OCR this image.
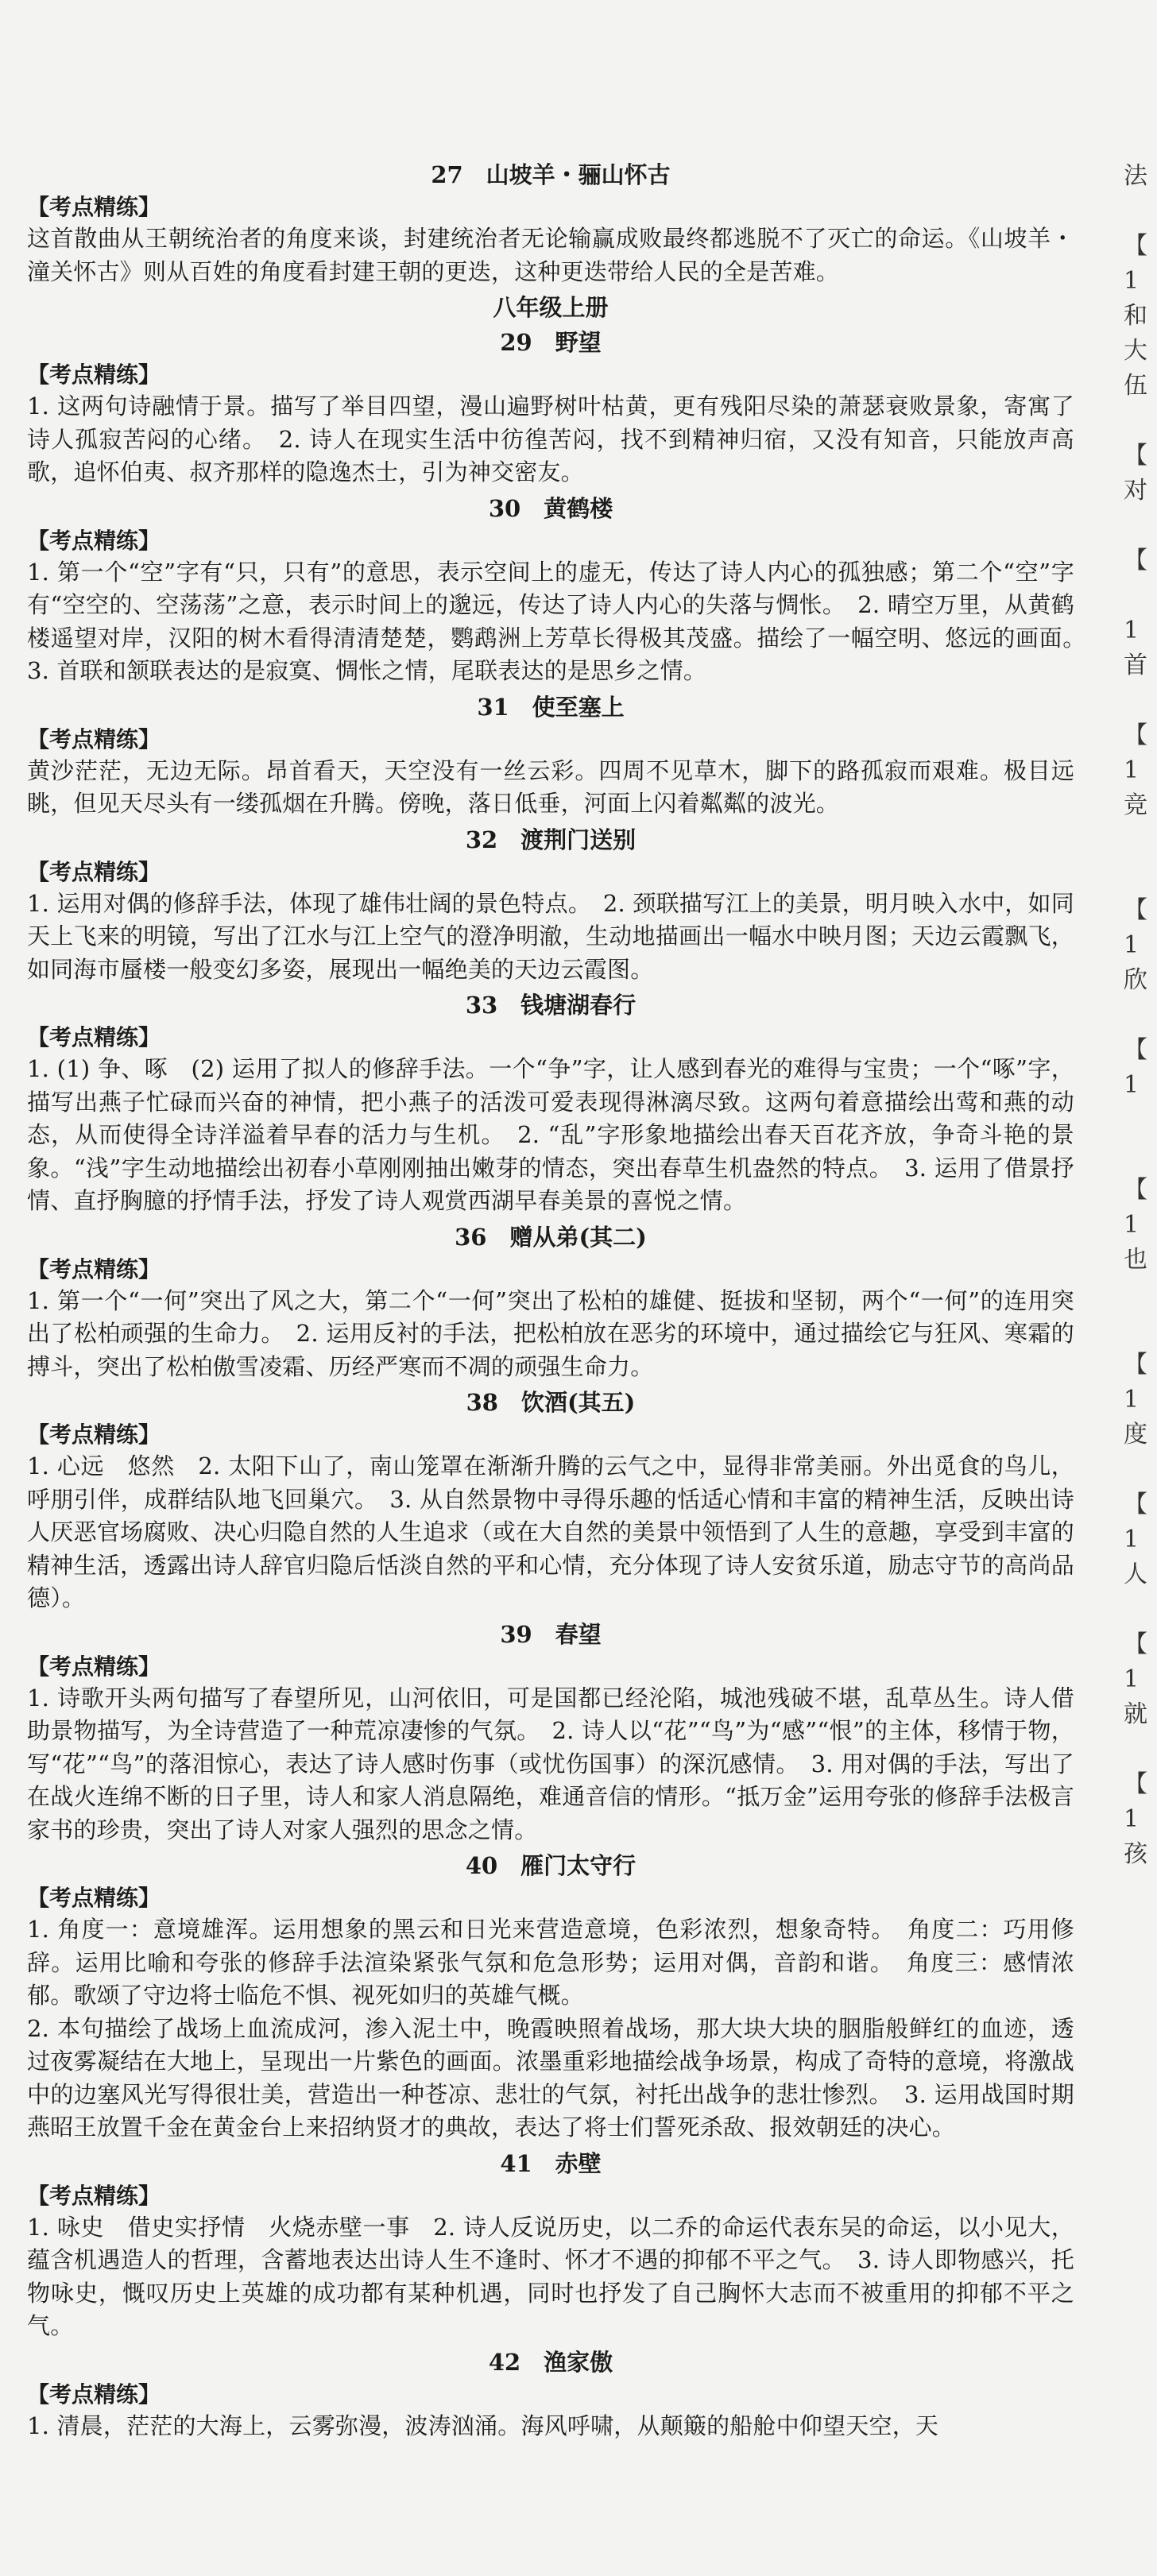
法

【
1
和
大
伍

【
对

【

1
首

【
1
竞

【
1
欣

【
1

【
1
也

【
1
度

【
1
人

【
1
就

【
1
孩
27　山坡羊・骊山怀古
【考点精练】
这首散曲从王朝统治者的角度来谈，封建统治者无论输赢成败最终都逃脱不了灭亡的命运。《山坡羊・潼关怀古》则从百姓的角度看封建王朝的更迭，这种更迭带给人民的全是苦难。
八年级上册
29　野望
【考点精练】
1. 这两句诗融情于景。描写了举目四望，漫山遍野树叶枯黄，更有残阳尽染的萧瑟衰败景象，寄寓了诗人孤寂苦闷的心绪。　2. 诗人在现实生活中彷徨苦闷，找不到精神归宿，又没有知音，只能放声高歌，追怀伯夷、叔齐那样的隐逸杰士，引为神交密友。
30　黄鹤楼
【考点精练】
1. 第一个“空”字有“只，只有”的意思，表示空间上的虚无，传达了诗人内心的孤独感；第二个“空”字有“空空的、空荡荡”之意，表示时间上的邈远，传达了诗人内心的失落与惆怅。　2. 晴空万里，从黄鹤楼遥望对岸，汉阳的树木看得清清楚楚，鹦鹉洲上芳草长得极其茂盛。描绘了一幅空明、悠远的画面。　3. 首联和颔联表达的是寂寞、惆怅之情，尾联表达的是思乡之情。
31　使至塞上
【考点精练】
黄沙茫茫，无边无际。昂首看天，天空没有一丝云彩。四周不见草木，脚下的路孤寂而艰难。极目远眺，但见天尽头有一缕孤烟在升腾。傍晚，落日低垂，河面上闪着粼粼的波光。
32　渡荆门送别
【考点精练】
1. 运用对偶的修辞手法，体现了雄伟壮阔的景色特点。　2. 颈联描写江上的美景，明月映入水中，如同天上飞来的明镜，写出了江水与江上空气的澄净明澈，生动地描画出一幅水中映月图；天边云霞飘飞，如同海市蜃楼一般变幻多姿，展现出一幅绝美的天边云霞图。
33　钱塘湖春行
【考点精练】
1. (1) 争、啄　(2) 运用了拟人的修辞手法。一个“争”字，让人感到春光的难得与宝贵；一个“啄”字，描写出燕子忙碌而兴奋的神情，把小燕子的活泼可爱表现得淋漓尽致。这两句着意描绘出莺和燕的动态，从而使得全诗洋溢着早春的活力与生机。　2. “乱”字形象地描绘出春天百花齐放，争奇斗艳的景象。“浅”字生动地描绘出初春小草刚刚抽出嫩芽的情态，突出春草生机盎然的特点。　3. 运用了借景抒情、直抒胸臆的抒情手法，抒发了诗人观赏西湖早春美景的喜悦之情。
36　赠从弟(其二)
【考点精练】
1. 第一个“一何”突出了风之大，第二个“一何”突出了松柏的雄健、挺拔和坚韧，两个“一何”的连用突出了松柏顽强的生命力。　2. 运用反衬的手法，把松柏放在恶劣的环境中，通过描绘它与狂风、寒霜的搏斗，突出了松柏傲雪凌霜、历经严寒而不凋的顽强生命力。
38　饮酒(其五)
【考点精练】
1. 心远　悠然　2. 太阳下山了，南山笼罩在渐渐升腾的云气之中，显得非常美丽。外出觅食的鸟儿，呼朋引伴，成群结队地飞回巢穴。　3. 从自然景物中寻得乐趣的恬适心情和丰富的精神生活，反映出诗人厌恶官场腐败、决心归隐自然的人生追求（或在大自然的美景中领悟到了人生的意趣，享受到丰富的精神生活，透露出诗人辞官归隐后恬淡自然的平和心情，充分体现了诗人安贫乐道，励志守节的高尚品德）。
39　春望
【考点精练】
1. 诗歌开头两句描写了春望所见，山河依旧，可是国都已经沦陷，城池残破不堪，乱草丛生。诗人借助景物描写，为全诗营造了一种荒凉凄惨的气氛。　2. 诗人以“花”“鸟”为“感”“恨”的主体，移情于物，写“花”“鸟”的落泪惊心，表达了诗人感时伤事（或忧伤国事）的深沉感情。　3. 用对偶的手法，写出了在战火连绵不断的日子里，诗人和家人消息隔绝，难通音信的情形。“抵万金”运用夸张的修辞手法极言家书的珍贵，突出了诗人对家人强烈的思念之情。
40　雁门太守行
【考点精练】
1. 角度一：意境雄浑。运用想象的黑云和日光来营造意境，色彩浓烈，想象奇特。　角度二：巧用修辞。运用比喻和夸张的修辞手法渲染紧张气氛和危急形势；运用对偶，音韵和谐。　角度三：感情浓郁。歌颂了守边将士临危不惧、视死如归的英雄气概。
2. 本句描绘了战场上血流成河，渗入泥土中，晚霞映照着战场，那大块大块的胭脂般鲜红的血迹，透过夜雾凝结在大地上，呈现出一片紫色的画面。浓墨重彩地描绘战争场景，构成了奇特的意境，将激战中的边塞风光写得很壮美，营造出一种苍凉、悲壮的气氛，衬托出战争的悲壮惨烈。　3. 运用战国时期燕昭王放置千金在黄金台上来招纳贤才的典故，表达了将士们誓死杀敌、报效朝廷的决心。
41　赤壁
【考点精练】
1. 咏史　借史实抒情　火烧赤壁一事　2. 诗人反说历史，以二乔的命运代表东吴的命运，以小见大，蕴含机遇造人的哲理，含蓄地表达出诗人生不逢时、怀才不遇的抑郁不平之气。　3. 诗人即物感兴，托物咏史，慨叹历史上英雄的成功都有某种机遇，同时也抒发了自己胸怀大志而不被重用的抑郁不平之气。
42　渔家傲
【考点精练】
1. 清晨，茫茫的大海上，云雾弥漫，波涛汹涌。海风呼啸，从颠簸的船舱中仰望天空，天
